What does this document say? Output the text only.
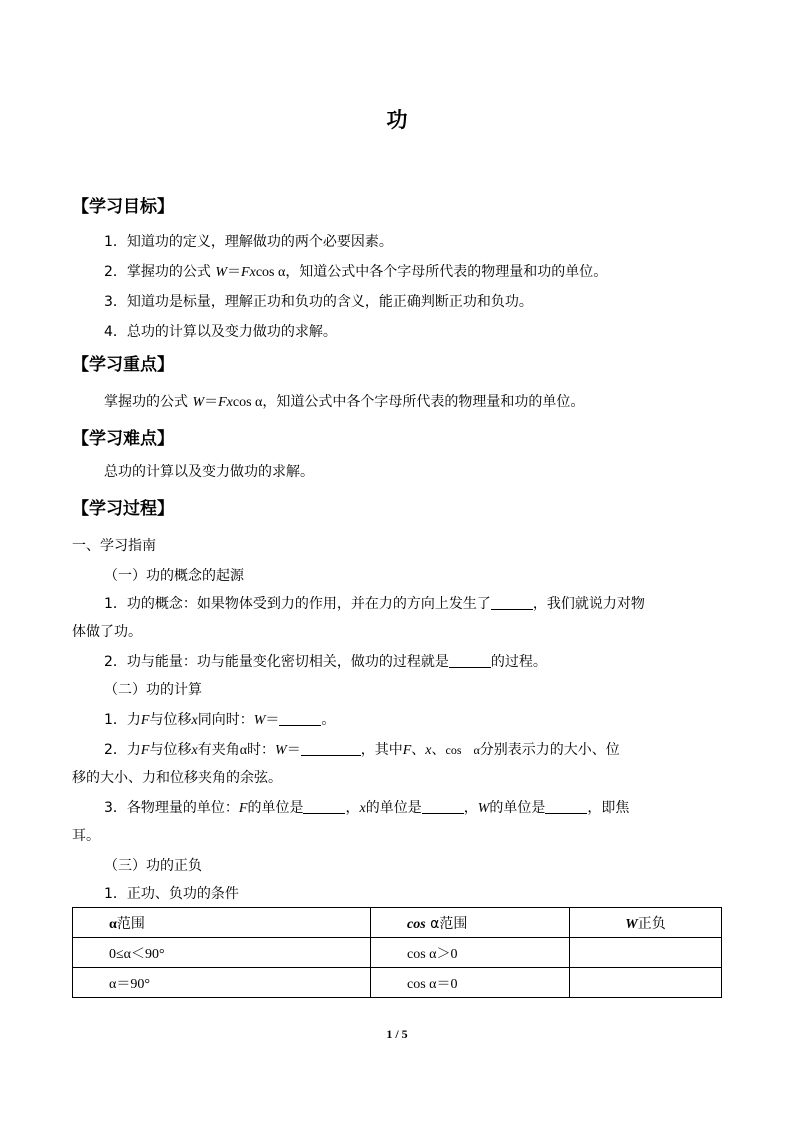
功
【学习目标】
1．知道功的定义，理解做功的两个必要因素。
2．掌握功的公式 W＝Fxcos α，知道公式中各个字母所代表的物理量和功的单位。
3．知道功是标量，理解正功和负功的含义，能正确判断正功和负功。
4．总功的计算以及变力做功的求解。
【学习重点】
掌握功的公式 W＝Fxcos α，知道公式中各个字母所代表的物理量和功的单位。
【学习难点】
总功的计算以及变力做功的求解。
【学习过程】
一、学习指南
（一）功的概念的起源
1．功的概念：如果物体受到力的作用，并在力的方向上发生了	，我们就说力对物
体做了功。
2．功与能量：功与能量变化密切相关，做功的过程就是	的过程。
（二）功的计算
1．力F与位移x同向时：W＝	。
2．力F与位移x有夹角α时：W＝	，其中F、x、cos　α分别表示力的大小、位
移的大小、力和位移夹角的余弦。
3．各物理量的单位：F的单位是	，x的单位是	，W的单位是	，即焦
耳。
（三）功的正负
1．正功、负功的条件
α范围	cos α范围	W正负
0≤α＜90°	cos α＞0	
α＝90°	cos α＝0	
1 / 5
